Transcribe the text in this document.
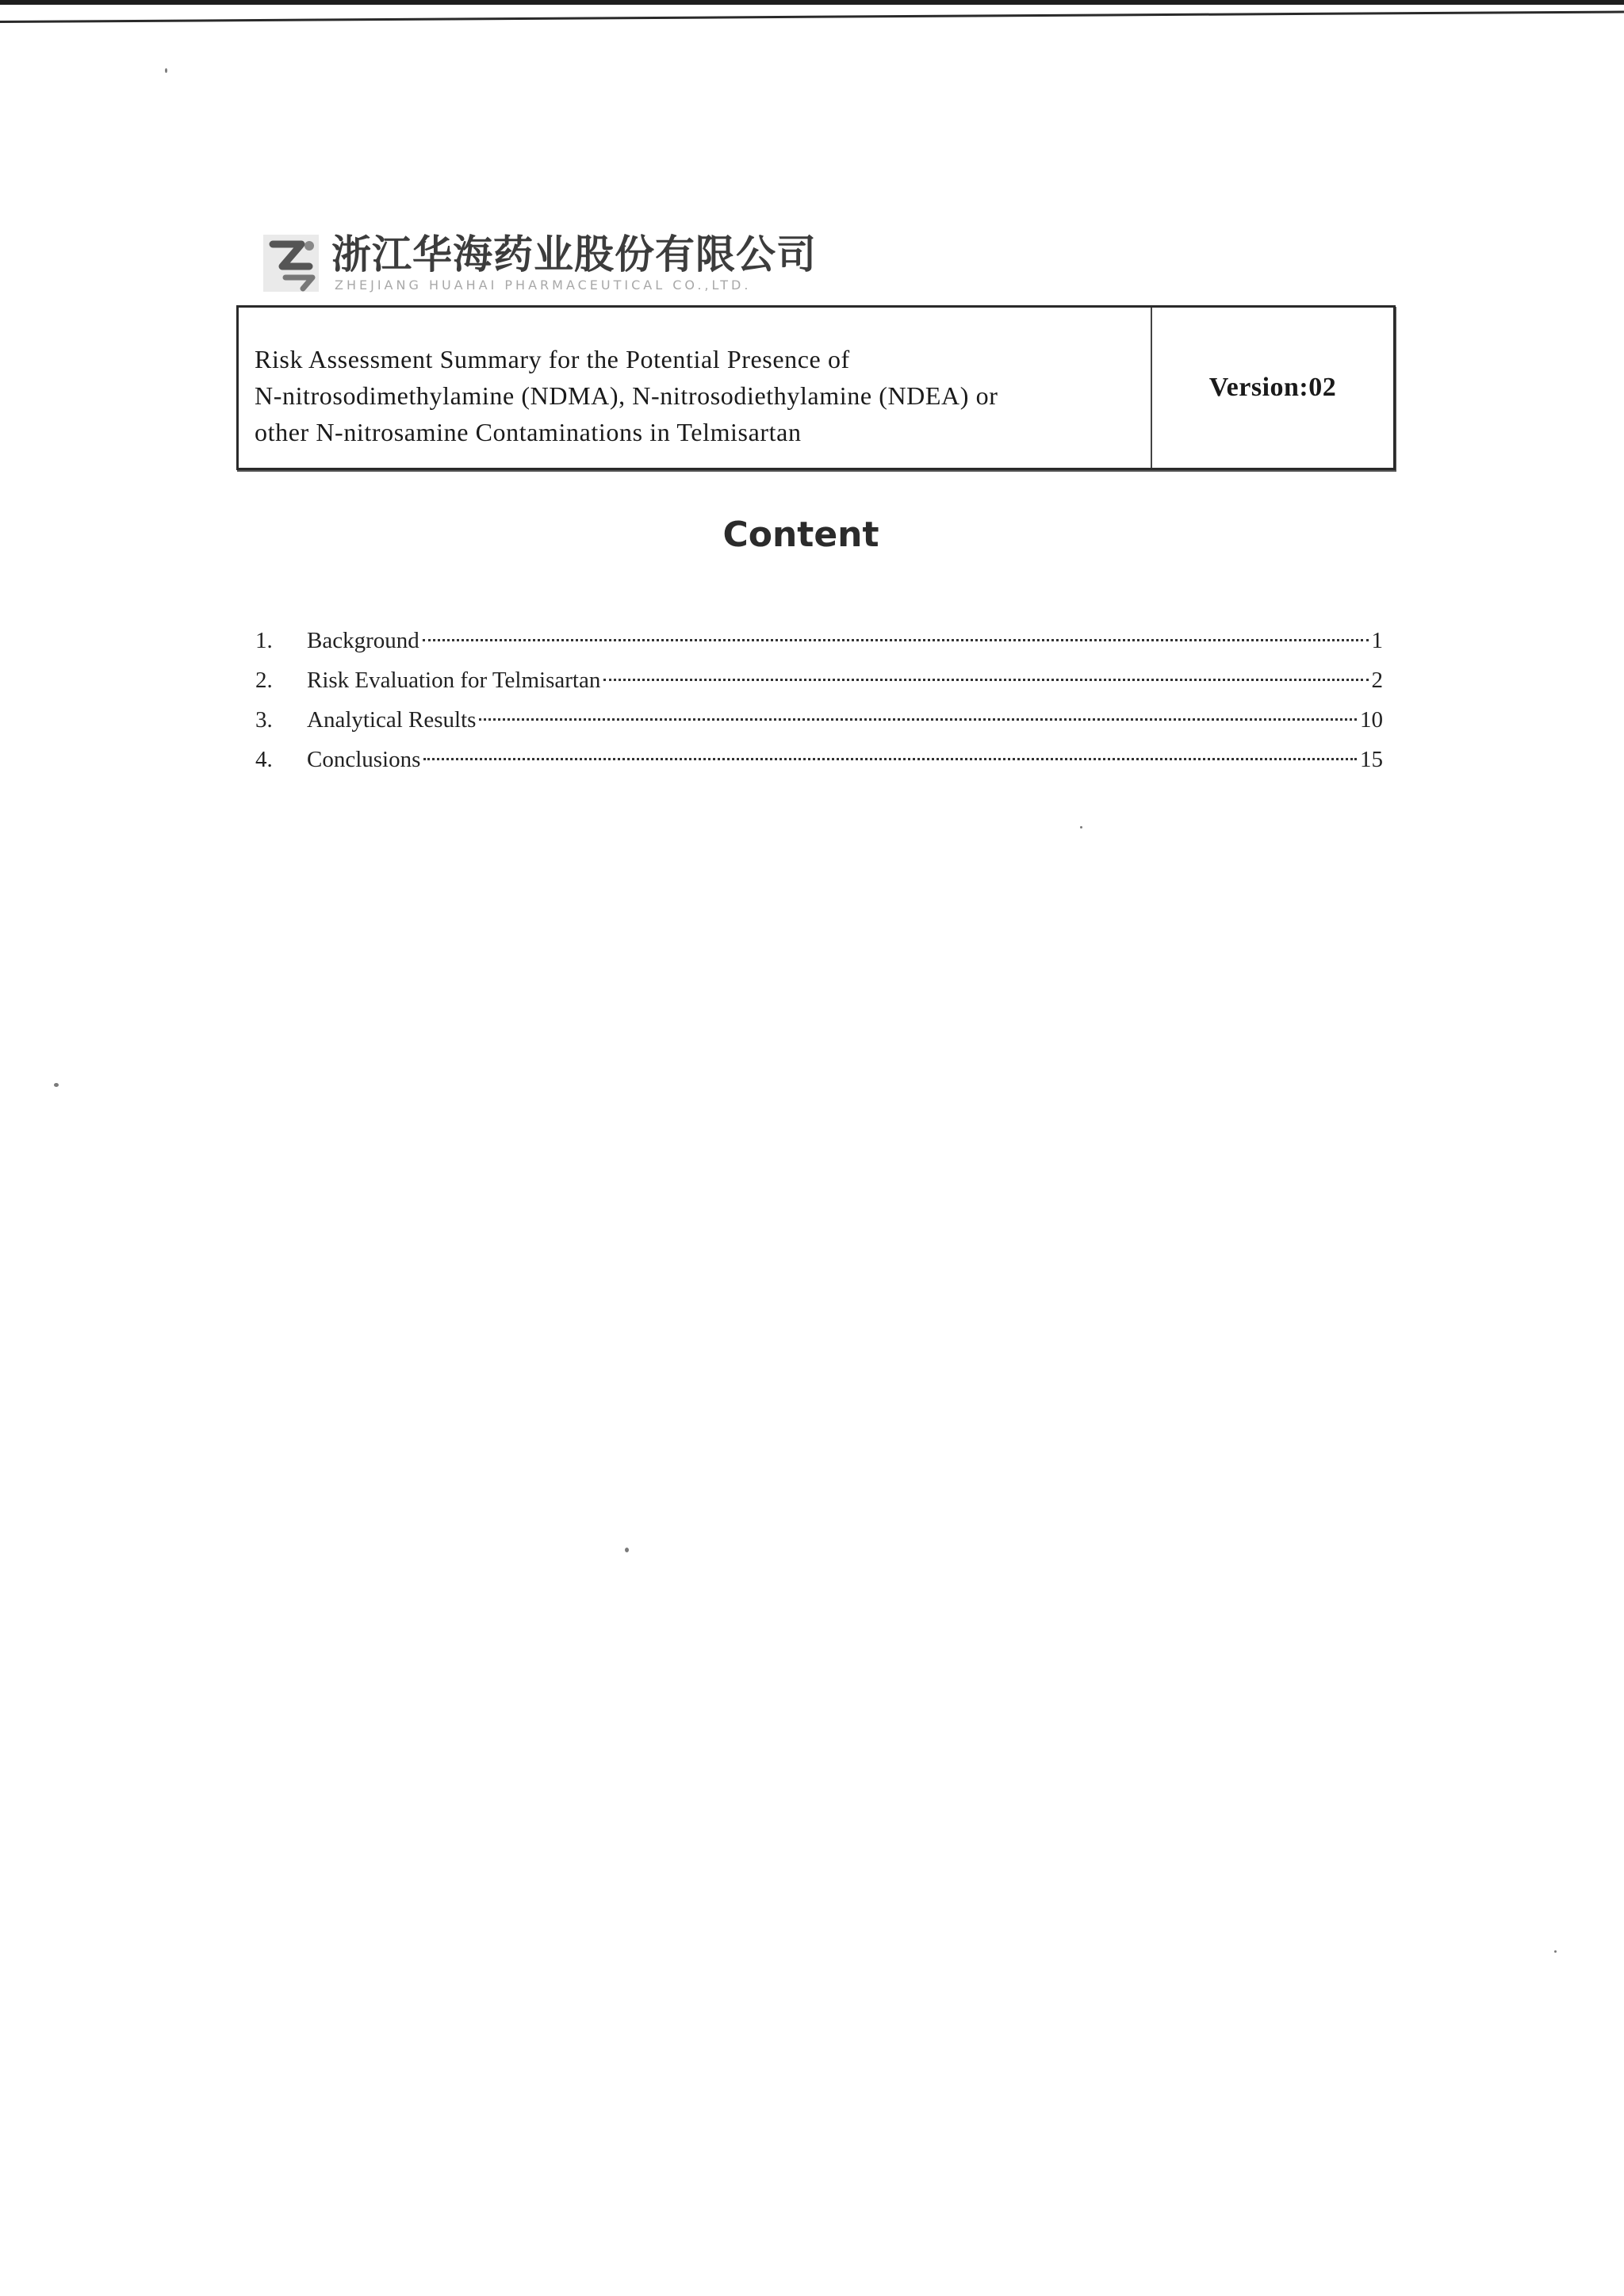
浙江华海药业股份有限公司
ZHEJIANG HUAHAI PHARMACEUTICAL CO.,LTD.
Risk Assessment Summary for the Potential Presence of
N-nitrosodimethylamine (NDMA), N-nitrosodiethylamine (NDEA) or
other N-nitrosamine Contaminations in Telmisartan
Version:02
Content
1.	Background	1
2.	Risk Evaluation for Telmisartan	2
3.	Analytical Results	10
4.	Conclusions	15
